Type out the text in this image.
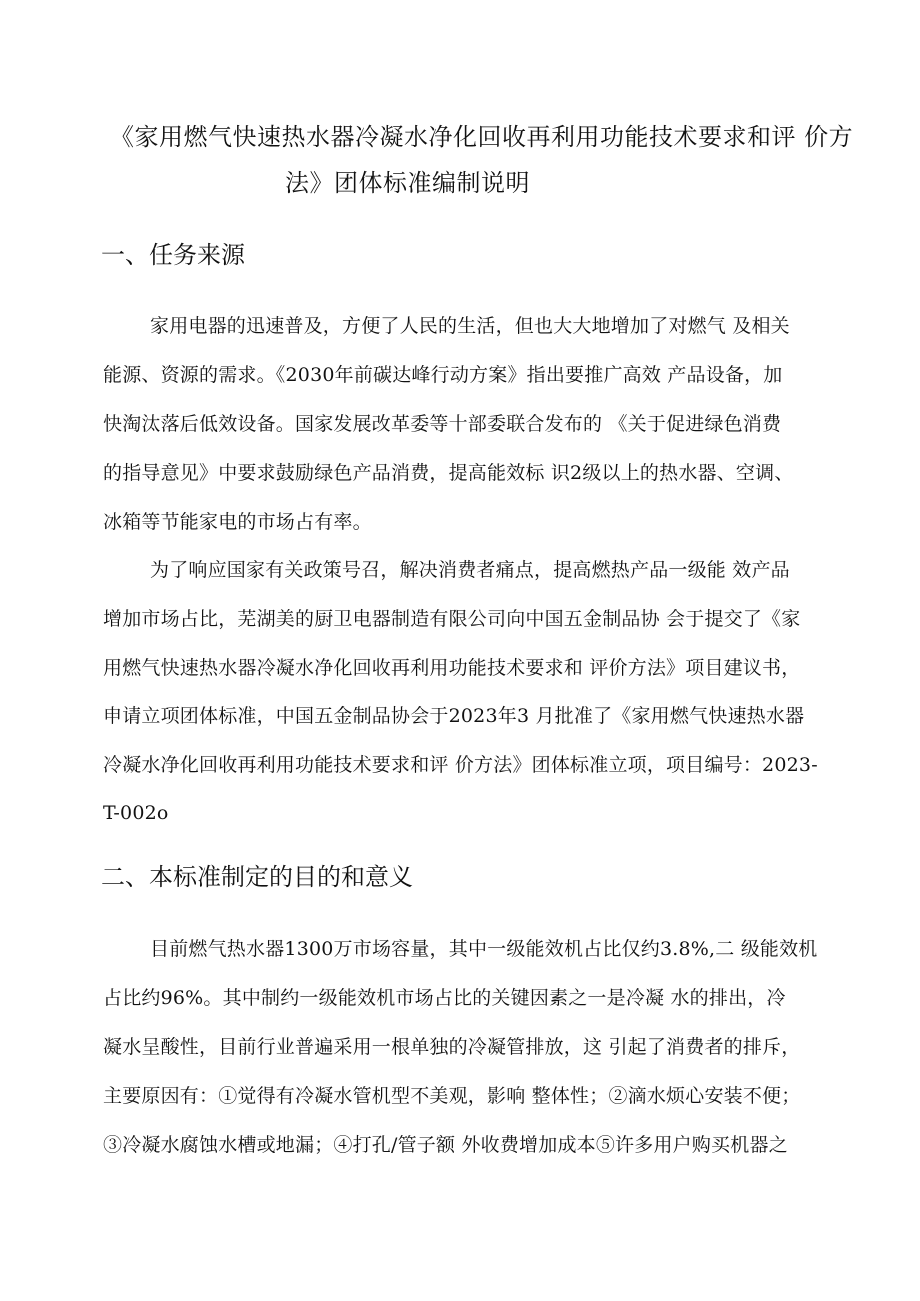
《家用燃气快速热水器冷凝水净化回收再利用功能技术要求和评 价方
法》团体标准编制说明
一、任务来源
家用电器的迅速普及，方便了人民的生活，但也大大地增加了对燃气 及相关
能源、资源的需求。《2030年前碳达峰行动方案》指出要推广高效 产品设备，加
快淘汰落后低效设备。国家发展改革委等十部委联合发布的 《关于促进绿色消费
的指导意见》中要求鼓励绿色产品消费，提高能效标 识2级以上的热水器、空调、
冰箱等节能家电的市场占有率。
为了响应国家有关政策号召，解决消费者痛点，提高燃热产品一级能 效产品
增加市场占比，芜湖美的厨卫电器制造有限公司向中国五金制品协 会于提交了《家
用燃气快速热水器冷凝水净化回收再利用功能技术要求和 评价方法》项目建议书，
申请立项团体标准，中国五金制品协会于2023年3 月批准了《家用燃气快速热水器
冷凝水净化回收再利用功能技术要求和评 价方法》团体标准立项，项目编号：2023-
T-002o
二、本标准制定的目的和意义
目前燃气热水器1300万市场容量，其中一级能效机占比仅约3.8%,二 级能效机
占比约96%。其中制约一级能效机市场占比的关键因素之一是冷凝 水的排出，冷
凝水呈酸性，目前行业普遍采用一根单独的冷凝管排放，这 引起了消费者的排斥，
主要原因有：①觉得有冷凝水管机型不美观，影响 整体性；②滴水烦心安装不便；
③冷凝水腐蚀水槽或地漏；④打孔/管子额 外收费增加成本⑤许多用户购买机器之
